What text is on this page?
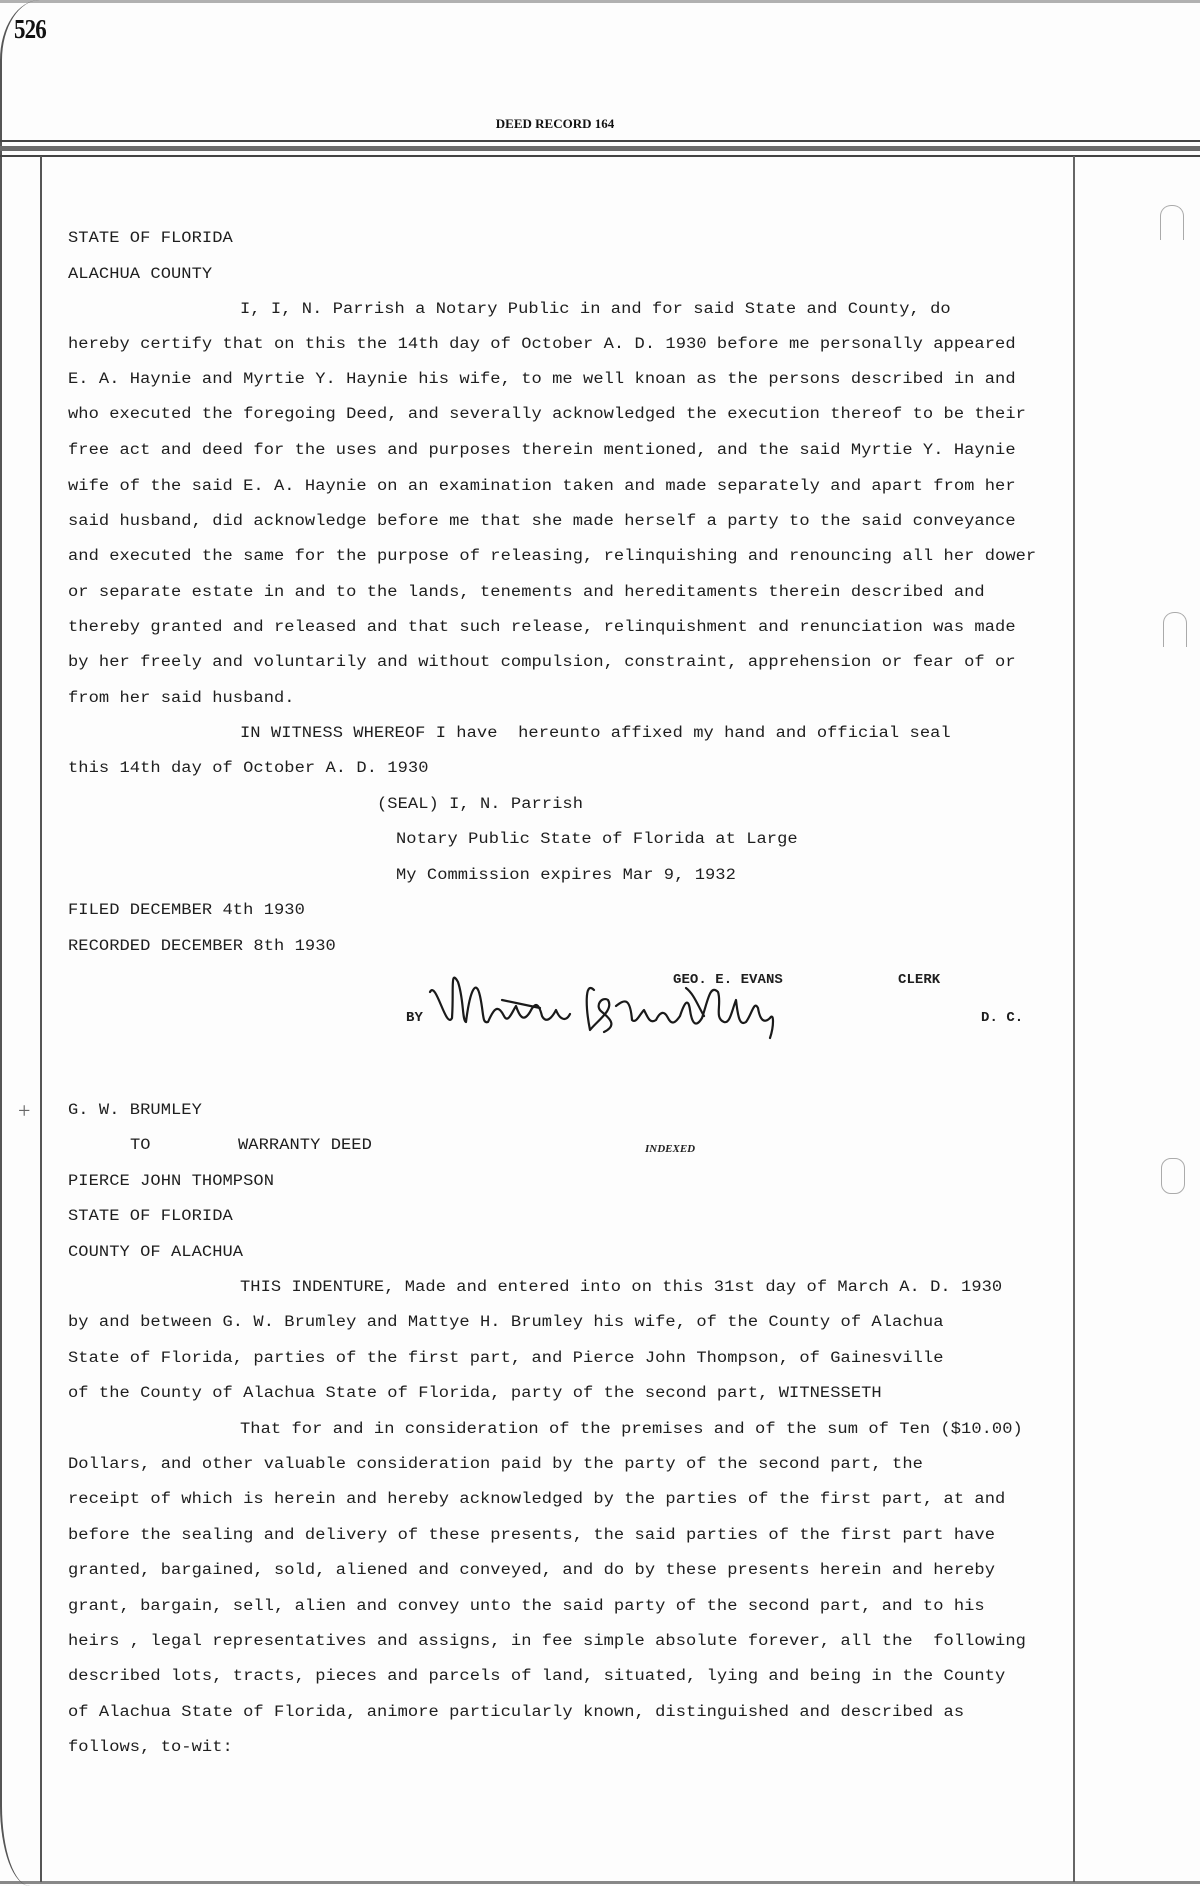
526
DEED RECORD 164
STATE OF FLORIDA
ALACHUA COUNTY
I, I, N. Parrish a Notary Public in and for said State and County, do
hereby certify that on this the 14th day of October A. D. 1930 before me personally appeared
E. A. Haynie and Myrtie Y. Haynie his wife, to me well knoan as the persons described in and
who executed the foregoing Deed, and severally acknowledged the execution thereof to be their
free act and deed for the uses and purposes therein mentioned, and the said Myrtie Y. Haynie
wife of the said E. A. Haynie on an examination taken and made separately and apart from her
said husband, did acknowledge before me that she made herself a party to the said conveyance
and executed the same for the purpose of releasing, relinquishing and renouncing all her dower
or separate estate in and to the lands, tenements and hereditaments therein described and
thereby granted and released and that such release, relinquishment and renunciation was made
by her freely and voluntarily and without compulsion, constraint, apprehension or fear of or
from her said husband.
IN WITNESS WHEREOF I have  hereunto affixed my hand and official seal
this 14th day of October A. D. 1930
(SEAL) I, N. Parrish
Notary Public State of Florida at Large
My Commission expires Mar 9, 1932
FILED DECEMBER 4th 1930
RECORDED DECEMBER 8th 1930
GEO. E. EVANS	CLERK
BY	D. C.
+ G. W. BRUMLEY
TO	WARRANTY DEED	INDEXED
PIERCE JOHN THOMPSON
STATE OF FLORIDA
COUNTY OF ALACHUA
THIS INDENTURE, Made and entered into on this 31st day of March A. D. 1930
by and between G. W. Brumley and Mattye H. Brumley his wife, of the County of Alachua
State of Florida, parties of the first part, and Pierce John Thompson, of Gainesville
of the County of Alachua State of Florida, party of the second part, WITNESSETH
That for and in consideration of the premises and of the sum of Ten ($10.00)
Dollars, and other valuable consideration paid by the party of the second part, the
receipt of which is herein and hereby acknowledged by the parties of the first part, at and
before the sealing and delivery of these presents, the said parties of the first part have
granted, bargained, sold, aliened and conveyed, and do by these presents herein and hereby
grant, bargain, sell, alien and convey unto the said party of the second part, and to his
heirs , legal representatives and assigns, in fee simple absolute forever, all the  following
described lots, tracts, pieces and parcels of land, situated, lying and being in the County
of Alachua State of Florida, animore particularly known, distinguished and described as
follows, to-wit:
